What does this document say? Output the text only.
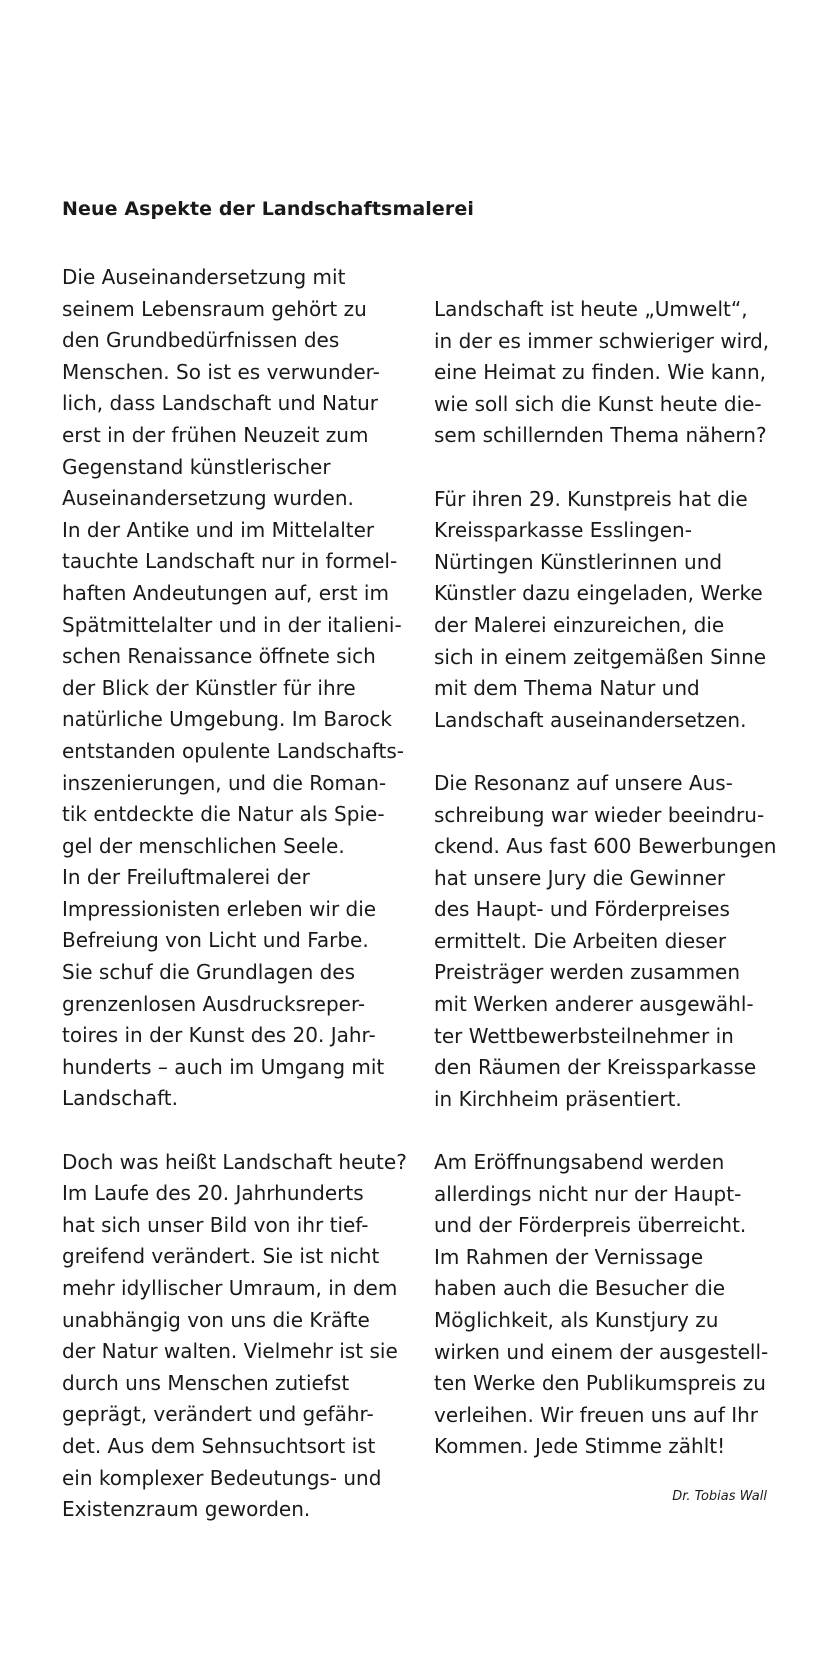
Neue Aspekte der Landschaftsmalerei
Die Auseinandersetzung mit
seinem Lebensraum gehört zu
den Grundbedürfnissen des
Menschen. So ist es verwunder-
lich, dass Landschaft und Natur
erst in der frühen Neuzeit zum
Gegenstand künstlerischer
Auseinandersetzung wurden.
In der Antike und im Mittelalter
tauchte Landschaft nur in formel-
haften Andeutungen auf, erst im
Spätmittelalter und in der italieni-
schen Renaissance öffnete sich
der Blick der Künstler für ihre
natürliche Umgebung. Im Barock
entstanden opulente Landschafts-
inszenierungen, und die Roman-
tik entdeckte die Natur als Spie-
gel der menschlichen Seele.
In der Freiluftmalerei der
Impressionisten erleben wir die
Befreiung von Licht und Farbe.
Sie schuf die Grundlagen des
grenzenlosen Ausdrucksreper-
toires in der Kunst des 20. Jahr-
hunderts – auch im Umgang mit
Landschaft.
Doch was heißt Landschaft heute?
Im Laufe des 20. Jahrhunderts
hat sich unser Bild von ihr tief-
greifend verändert. Sie ist nicht
mehr idyllischer Umraum, in dem
unabhängig von uns die Kräfte
der Natur walten. Vielmehr ist sie
durch uns Menschen zutiefst
geprägt, verändert und gefähr-
det. Aus dem Sehnsuchtsort ist
ein komplexer Bedeutungs- und
Existenzraum geworden.
Landschaft ist heute „Umwelt“,
in der es immer schwieriger wird,
eine Heimat zu finden. Wie kann,
wie soll sich die Kunst heute die-
sem schillernden Thema nähern?
Für ihren 29. Kunstpreis hat die
Kreissparkasse Esslingen-
Nürtingen Künstlerinnen und
Künstler dazu eingeladen, Werke
der Malerei einzureichen, die
sich in einem zeitgemäßen Sinne
mit dem Thema Natur und
Landschaft auseinandersetzen.
Die Resonanz auf unsere Aus-
schreibung war wieder beeindru-
ckend. Aus fast 600 Bewerbungen
hat unsere Jury die Gewinner
des Haupt- und Förderpreises
ermittelt. Die Arbeiten dieser
Preisträger werden zusammen
mit Werken anderer ausgewähl-
ter Wettbewerbsteilnehmer in
den Räumen der Kreissparkasse
in Kirchheim präsentiert.
Am Eröffnungsabend werden
allerdings nicht nur der Haupt-
und der Förderpreis überreicht.
Im Rahmen der Vernissage
haben auch die Besucher die
Möglichkeit, als Kunstjury zu
wirken und einem der ausgestell-
ten Werke den Publikumspreis zu
verleihen. Wir freuen uns auf Ihr
Kommen. Jede Stimme zählt!
Dr. Tobias Wall
